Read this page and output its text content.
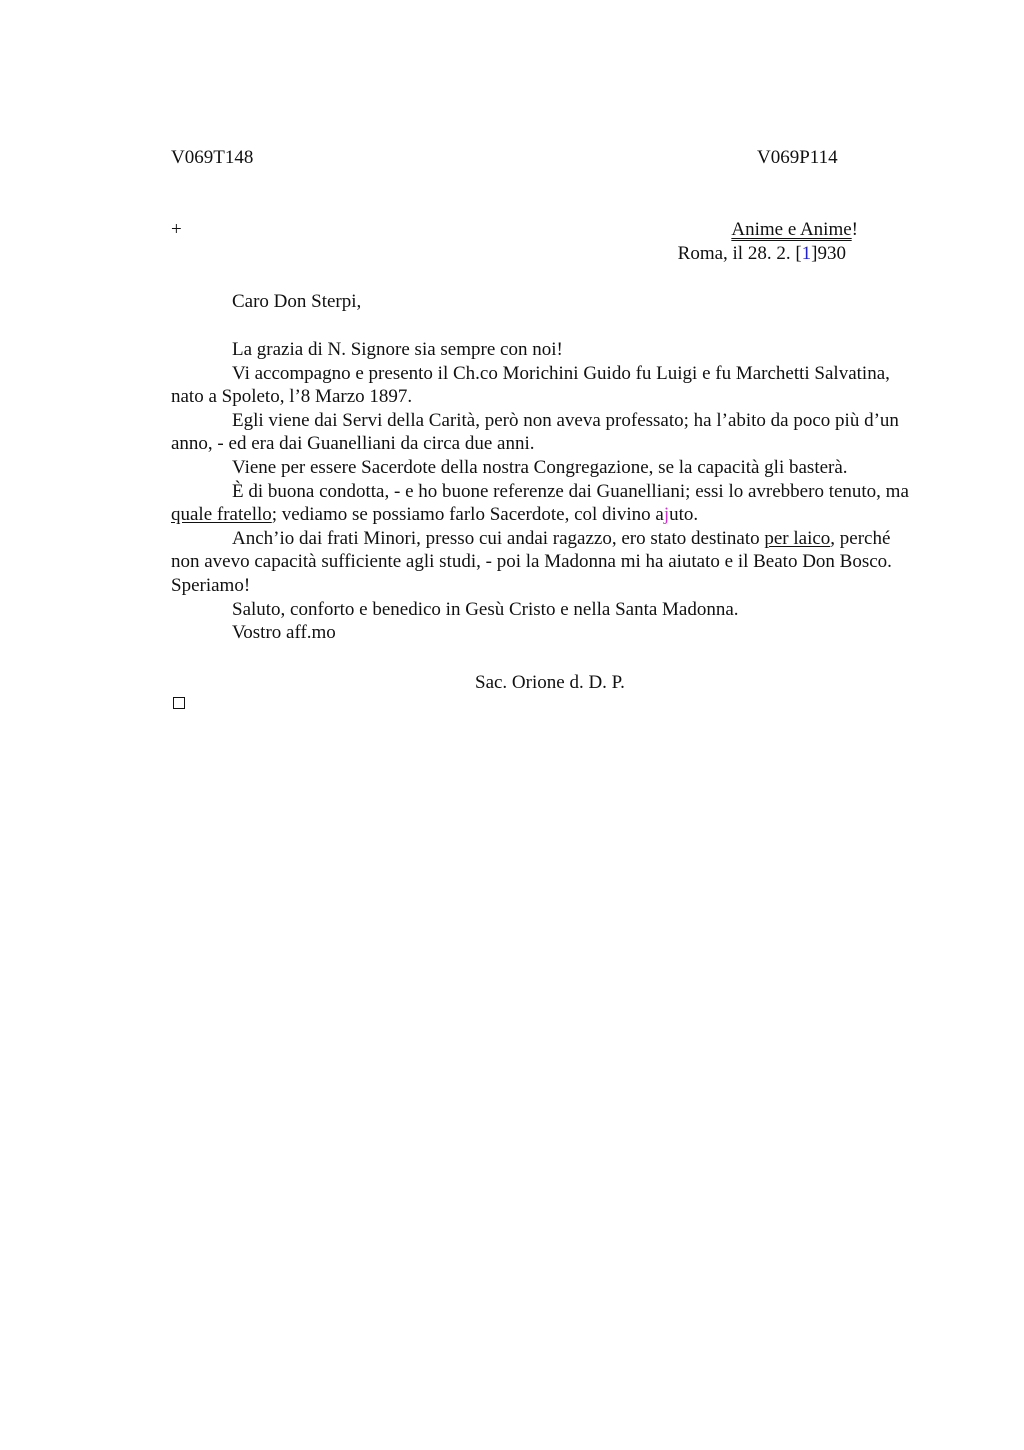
V069T148	V069P114
+	Anime e Anime!
Roma, il 28. 2. [1]930
Caro Don Sterpi,

La grazia di N. Signore sia sempre con noi!

Vi accompagno e presento il Ch.co Morichini Guido fu Luigi e fu Marchetti Salvatina, nato a Spoleto, l’8 Marzo 1897.

Egli viene dai Servi della Carità, però non aveva professato; ha l’abito da poco più d’un anno, - ed era dai Guanelliani da circa due anni.

Viene per essere Sacerdote della nostra Congregazione, se la capacità gli basterà.

È di buona condotta, - e ho buone referenze dai Guanelliani; essi lo avrebbero tenuto, ma quale fratello; vediamo se possiamo farlo Sacerdote, col divino ajuto.

Anch’io dai frati Minori, presso cui andai ragazzo, ero stato destinato per laico, perché non avevo capacità sufficiente agli studi, - poi la Madonna mi ha aiutato e il Beato Don Bosco. Speriamo!

Saluto, conforto e benedico in Gesù Cristo e nella Santa Madonna.

Vostro aff.mo

Sac. Orione d. D. P.
